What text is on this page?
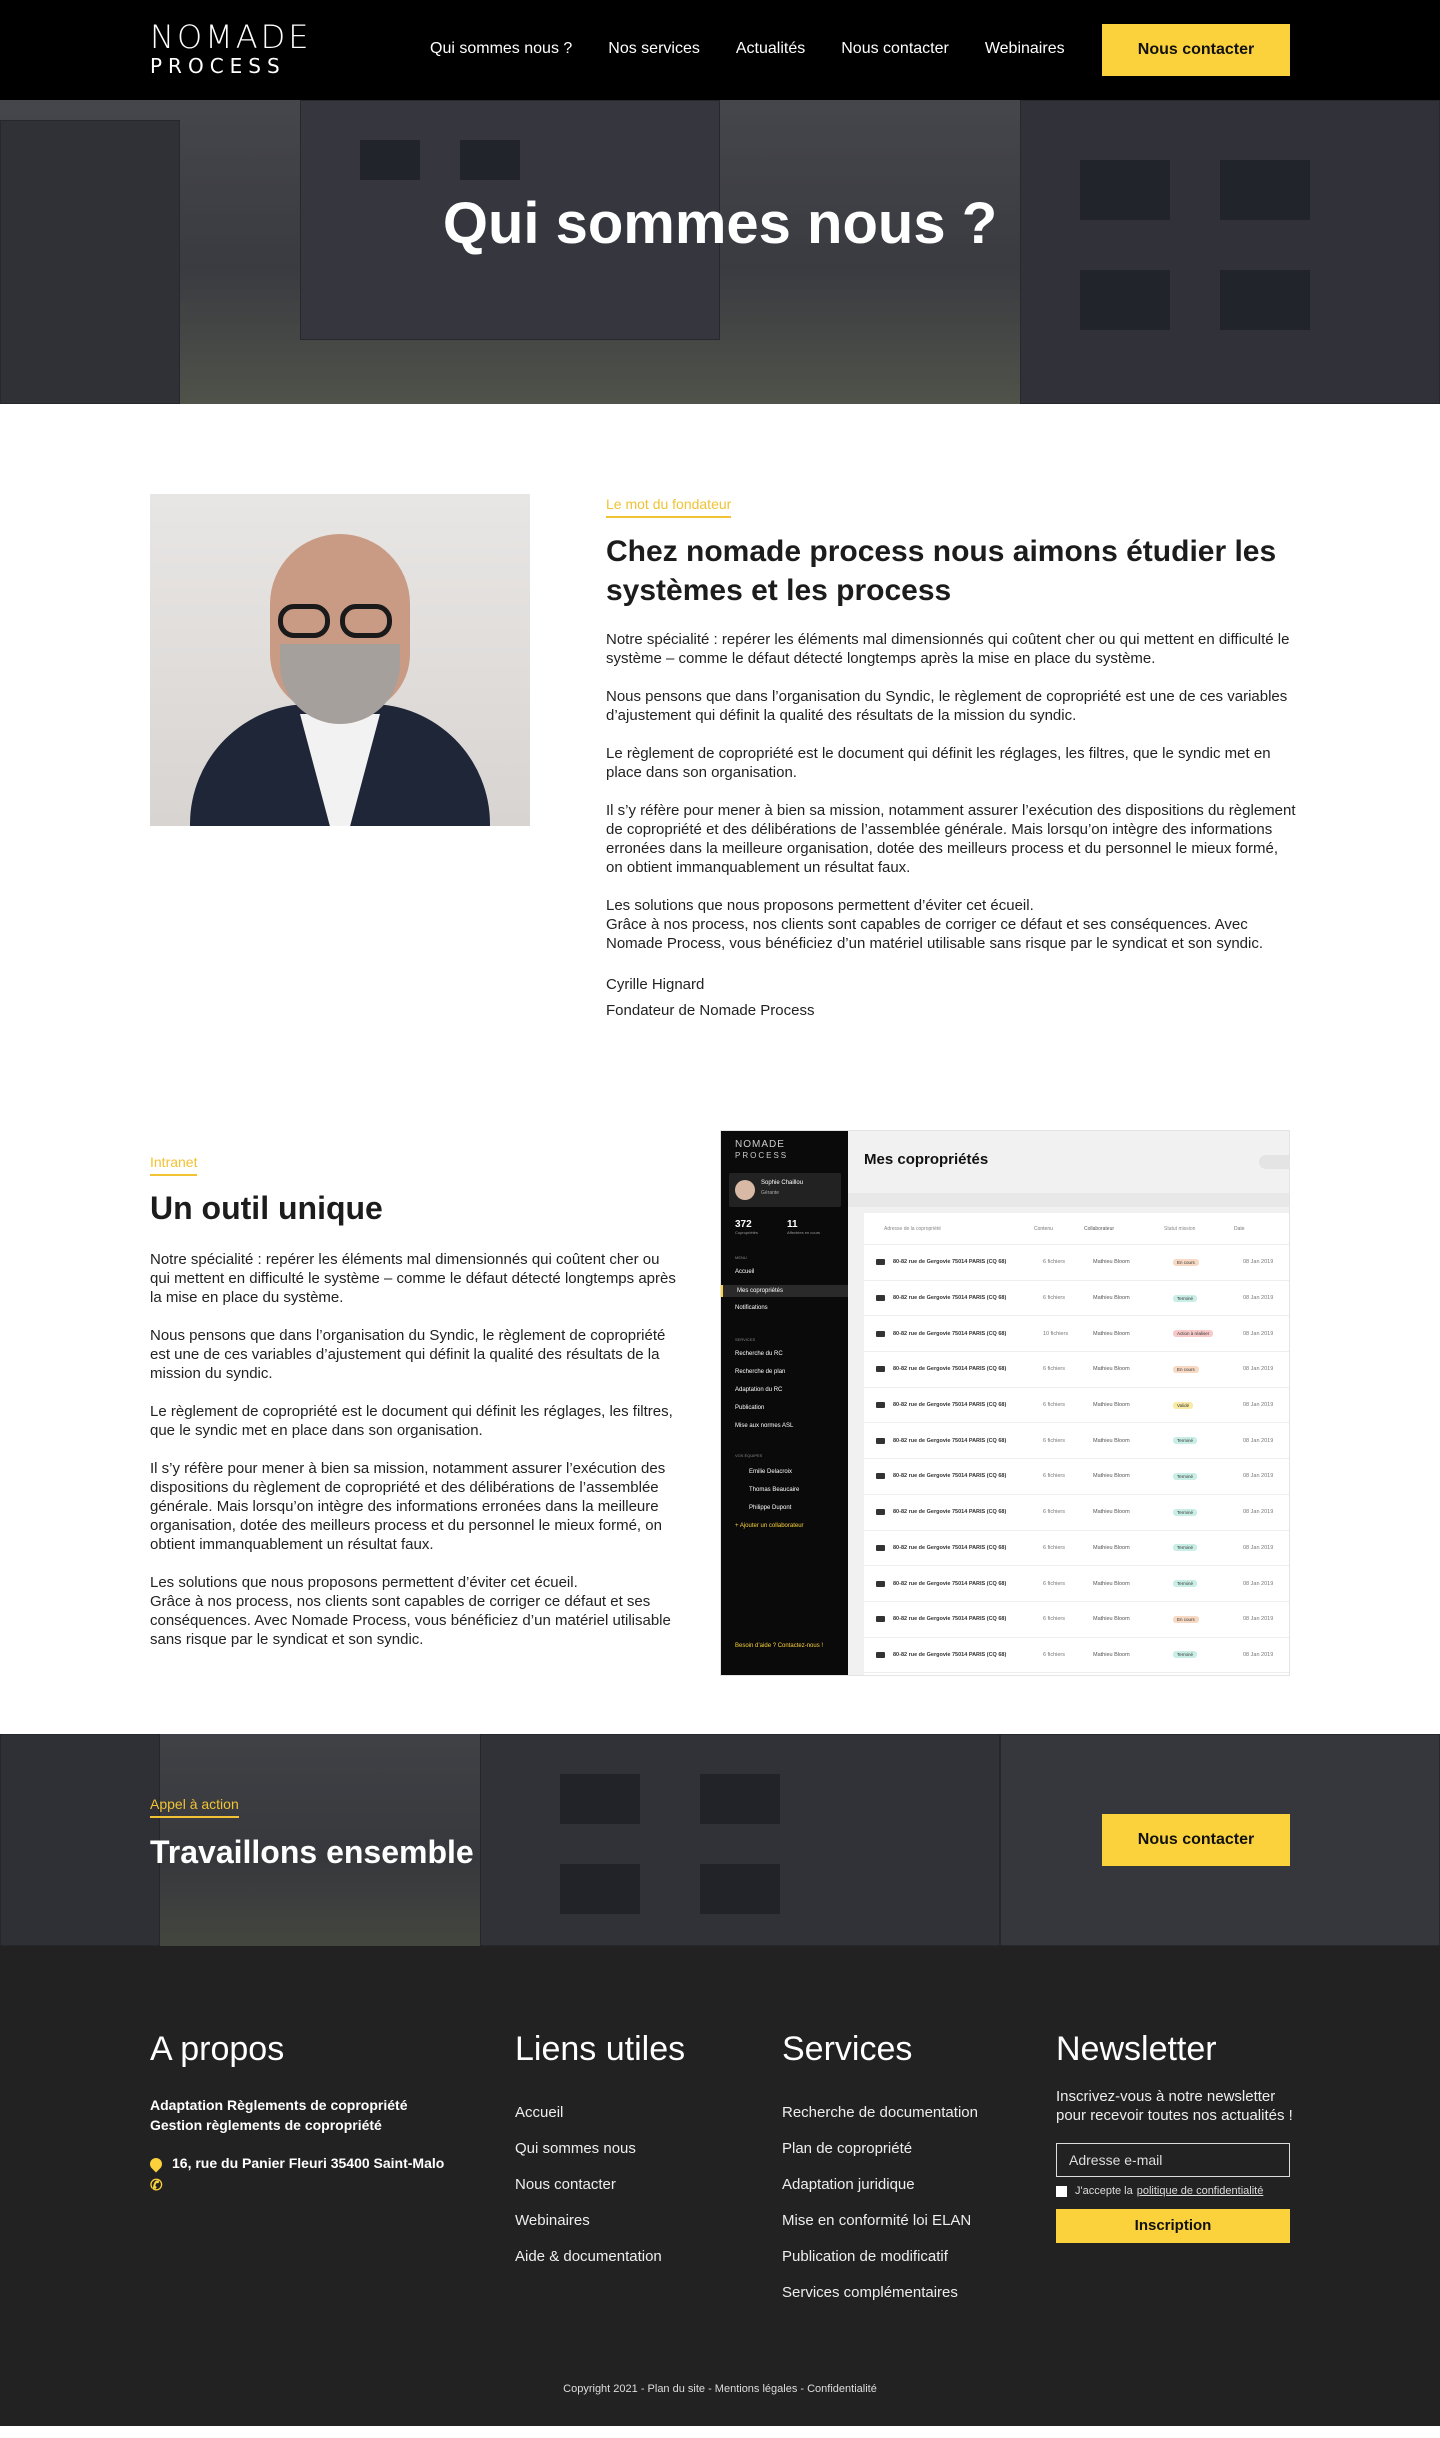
NOMADE
PROCESS
Qui sommes nous ? Nos services Actualités Nous contacter Webinaires	Nous contacter
Qui sommes nous ?
Le mot du fondateur
Chez nomade process nous aimons étudier les systèmes et les process

Notre spécialité : repérer les éléments mal dimensionnés qui coûtent cher ou qui mettent en difficulté le système – comme le défaut détecté longtemps après la mise en place du système.

Nous pensons que dans l’organisation du Syndic, le règlement de copropriété est une de ces variables d’ajustement qui définit la qualité des résultats de la mission du syndic.

Le règlement de copropriété est le document qui définit les réglages, les filtres, que le syndic met en place dans son organisation.

Il s’y réfère pour mener à bien sa mission, notamment assurer l’exécution des dispositions du règlement de copropriété et des délibérations de l’assemblée générale. Mais lorsqu’on intègre des informations erronées dans la meilleure organisation, dotée des meilleurs process et du personnel le mieux formé, on obtient immanquablement un résultat faux.

Les solutions que nous proposons permettent d’éviter cet écueil.
Grâce à nos process, nos clients sont capables de corriger ce défaut et ses conséquences. Avec Nomade Process, vous bénéficiez d’un matériel utilisable sans risque par le syndicat et son syndic.

Cyrille Hignard
Fondateur de Nomade Process
Intranet
Un outil unique

Notre spécialité : repérer les éléments mal dimensionnés qui coûtent cher ou qui mettent en difficulté le système – comme le défaut détecté longtemps après la mise en place du système.

Nous pensons que dans l’organisation du Syndic, le règlement de copropriété est une de ces variables d’ajustement qui définit la qualité des résultats de la mission du syndic.

Le règlement de copropriété est le document qui définit les réglages, les filtres, que le syndic met en place dans son organisation.

Il s’y réfère pour mener à bien sa mission, notamment assurer l’exécution des dispositions du règlement de copropriété et des délibérations de l’assemblée générale. Mais lorsqu’on intègre des informations erronées dans la meilleure organisation, dotée des meilleurs process et du personnel le mieux formé, on obtient immanquablement un résultat faux.

Les solutions que nous proposons permettent d’éviter cet écueil.
Grâce à nos process, nos clients sont capables de corriger ce défaut et ses conséquences. Avec Nomade Process, vous bénéficiez d’un matériel utilisable sans risque par le syndicat et son syndic.

NOMADE
PROCESS
Sophie Chaillou
Gérante
372
Copropriétés
11
Affectées en cours
MENU
Accueil
Mes copropriétés
Notifications
SERVICES
Recherche du RC
Recherche de plan
Adaptation du RC
Publication
Mise aux normes ASL
VOS ÉQUIPES
Emilie Delacroix
Thomas Beaucaire
Philippe Dupont
+ Ajouter un collaborateur
Besoin d’aide ? Contactez-nous !
Mes copropriétés
Adresse de la copropriété	Contenu	Collaborateur	Statut mission	Date
80-82 rue de Gergovie 75014 PARIS (CQ 68)	6 fichiers	Mathieu Bloom	En cours	08 Jan 2019
80-82 rue de Gergovie 75014 PARIS (CQ 68)	6 fichiers	Mathieu Bloom	Terminé	08 Jan 2019
80-82 rue de Gergovie 75014 PARIS (CQ 68)	10 fichiers	Mathieu Bloom	Action à réaliser	08 Jan 2019
80-82 rue de Gergovie 75014 PARIS (CQ 68)	6 fichiers	Mathieu Bloom	En cours	08 Jan 2019
80-82 rue de Gergovie 75014 PARIS (CQ 68)	6 fichiers	Mathieu Bloom	Validé	08 Jan 2019
80-82 rue de Gergovie 75014 PARIS (CQ 68)	6 fichiers	Mathieu Bloom	Terminé	08 Jan 2019
80-82 rue de Gergovie 75014 PARIS (CQ 68)	6 fichiers	Mathieu Bloom	Terminé	08 Jan 2019
80-82 rue de Gergovie 75014 PARIS (CQ 68)	6 fichiers	Mathieu Bloom	Terminé	08 Jan 2019
80-82 rue de Gergovie 75014 PARIS (CQ 68)	6 fichiers	Mathieu Bloom	Terminé	08 Jan 2019
80-82 rue de Gergovie 75014 PARIS (CQ 68)	6 fichiers	Mathieu Bloom	Terminé	08 Jan 2019
80-82 rue de Gergovie 75014 PARIS (CQ 68)	6 fichiers	Mathieu Bloom	En cours	08 Jan 2019
80-82 rue de Gergovie 75014 PARIS (CQ 68)	6 fichiers	Mathieu Bloom	Terminé	08 Jan 2019
Appel à action
Travaillons ensemble	Nous contacter
A propos
Adaptation Règlements de copropriété
Gestion règlements de copropriété
16, rue du Panier Fleuri 35400 Saint-Malo
✆
Liens utiles
Accueil
Qui sommes nous
Nous contacter
Webinaires
Aide & documentation
Services
Recherche de documentation
Plan de copropriété
Adaptation juridique
Mise en conformité loi ELAN
Publication de modificatif
Services complémentaires
Newsletter
Inscrivez-vous à notre newsletter pour recevoir toutes nos actualités !
Adresse e-mail
J'accepte la politique de confidentialité
Inscription
Copyright 2021 - Plan du site - Mentions légales - Confidentialité
